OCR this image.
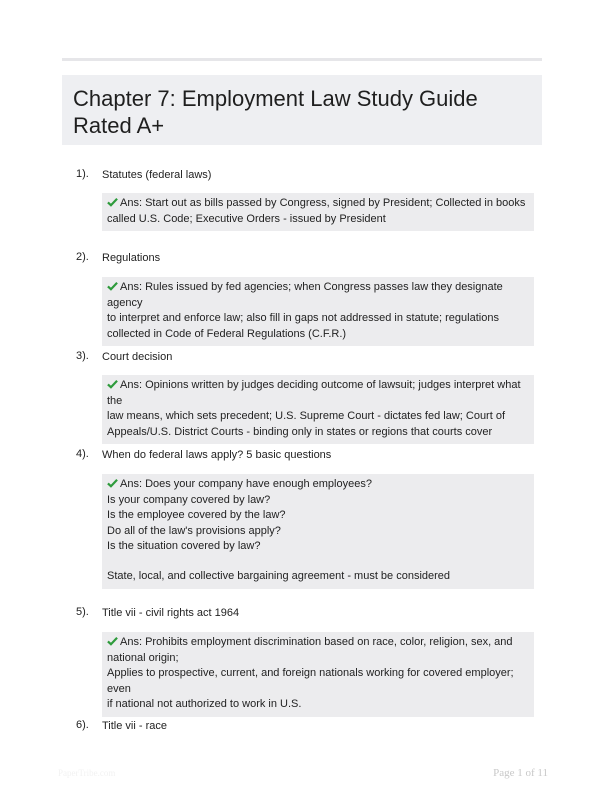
Chapter 7: Employment Law Study Guide Rated A+
1). Statutes (federal laws)
Ans: Start out as bills passed by Congress, signed by President; Collected in books
called U.S. Code; Executive Orders - issued by President
2). Regulations
Ans: Rules issued by fed agencies; when Congress passes law they designate agency
to interpret and enforce law; also fill in gaps not addressed in statute; regulations
collected in Code of Federal Regulations (C.F.R.)
3). Court decision
Ans: Opinions written by judges deciding outcome of lawsuit; judges interpret what the
law means, which sets precedent; U.S. Supreme Court - dictates fed law; Court of
Appeals/U.S. District Courts - binding only in states or regions that courts cover
4). When do federal laws apply? 5 basic questions
Ans: Does your company have enough employees?
Is your company covered by law?
Is the employee covered by the law?
Do all of the law's provisions apply?
Is the situation covered by law?
State, local, and collective bargaining agreement - must be considered
5). Title vii - civil rights act 1964
Ans: Prohibits employment discrimination based on race, color, religion, sex, and
national origin;
Applies to prospective, current, and foreign nationals working for covered employer; even
if national not authorized to work in U.S.
6). Title vii - race
PaperTribe.com	Page 1 of 11
